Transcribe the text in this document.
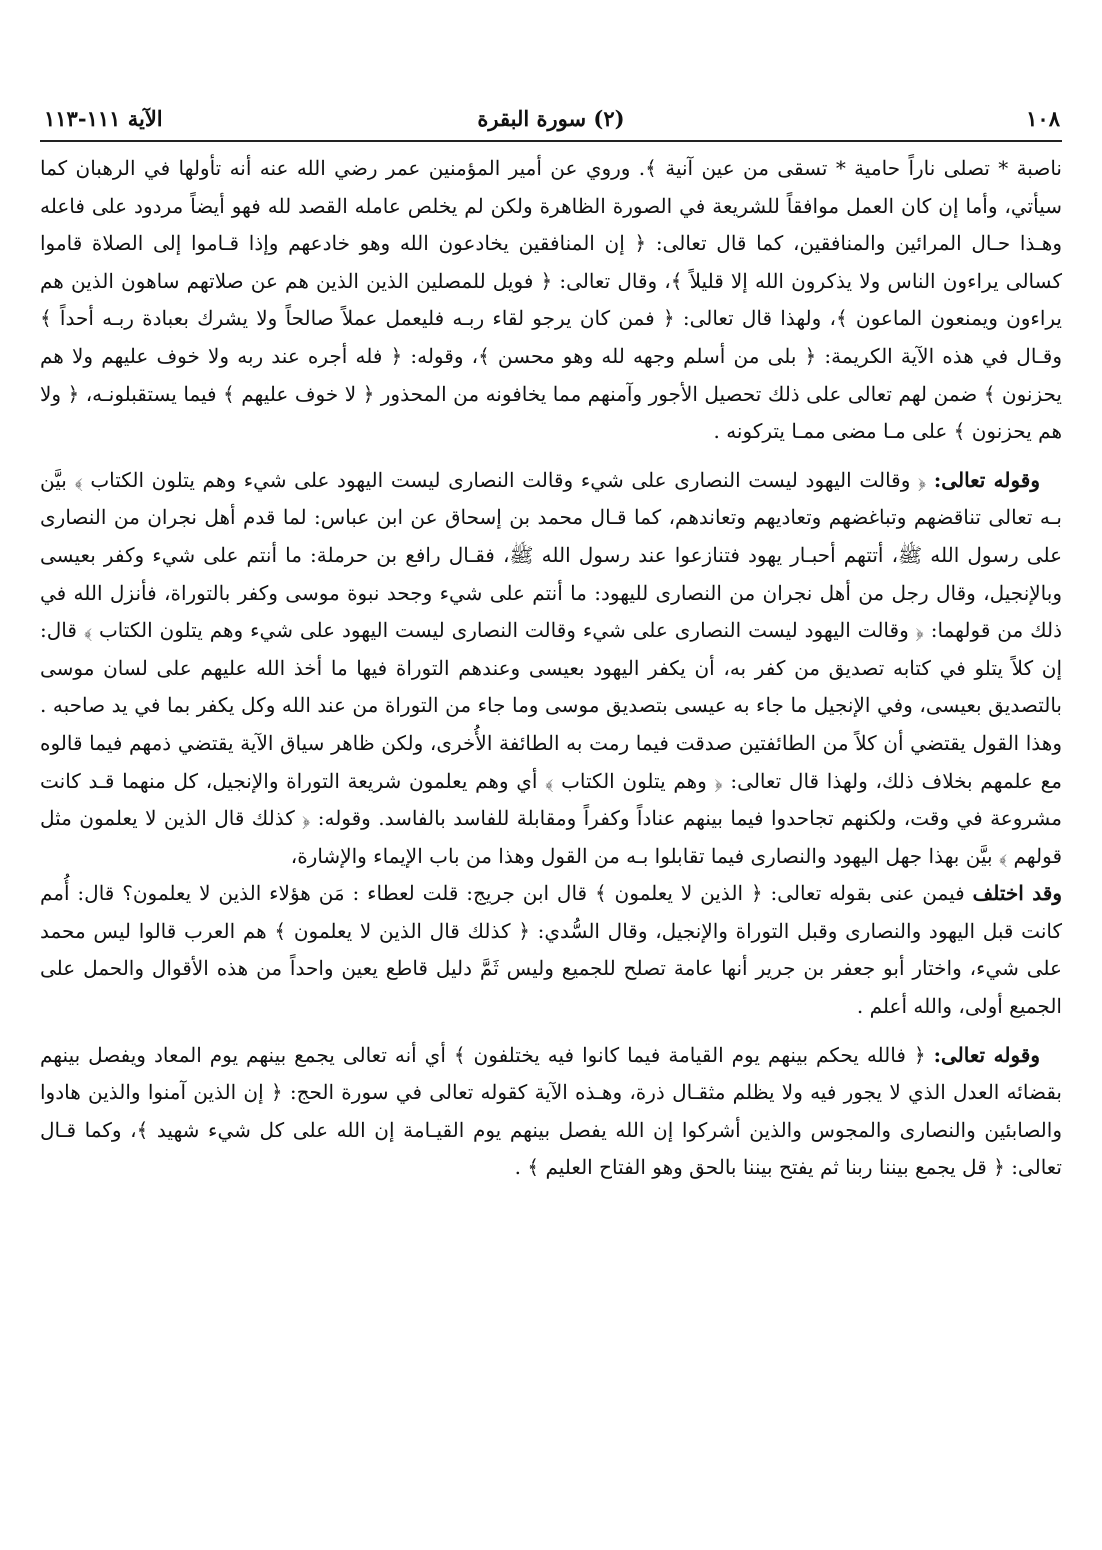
١٠٨
(٢) سورة البقرة
الآية ١١١-١١٣

ناصبة * تصلى ناراً حامية * تسقى من عين آنية ﴾. وروي عن أمير المؤمنين عمر رضي الله عنه أنه تأولها في الرهبان كما سيأتي، وأما إن كان العمل موافقاً للشريعة في الصورة الظاهرة ولكن لم يخلص عامله القصد لله فهو أيضاً مردود على فاعله وهـذا حـال المرائين والمنافقين، كما قال تعالى: ﴿ إن المنافقين يخادعون الله وهو خادعهم وإذا قـاموا إلى الصلاة قاموا كسالى يراءون الناس ولا يذكرون الله إلا قليلاً ﴾، وقال تعالى: ﴿ فويل للمصلين الذين الذين هم عن صلاتهم ساهون الذين هم يراءون ويمنعون الماعون ﴾، ولهذا قال تعالى: ﴿ فمن كان يرجو لقاء ربـه فليعمل عملاً صالحاً ولا يشرك بعبادة ربـه أحداً ﴾ وقـال في هذه الآية الكريمة: ﴿ بلى من أسلم وجهه لله وهو محسن ﴾، وقوله: ﴿ فله أجره عند ربه ولا خوف عليهم ولا هم يحزنون ﴾ ضمن لهم تعالى على ذلك تحصيل الأجور وآمنهم مما يخافونه من المحذور ﴿ لا خوف عليهم ﴾ فيما يستقبلونـه، ﴿ ولا هم يحزنون ﴾ على مـا مضى ممـا يتركونه .

وقوله تعالى: ﴿ وقالت اليهود ليست النصارى على شيء وقالت النصارى ليست اليهود على شيء وهم يتلون الكتاب ﴾ بيَّن بـه تعالى تناقضهم وتباغضهم وتعاديهم وتعاندهم، كما قـال محمد بن إسحاق عن ابن عباس: لما قدم أهل نجران من النصارى على رسول الله ﷺ، أتتهم أحبـار يهود فتنازعوا عند رسول الله ﷺ، فقـال رافع بن حرملة: ما أنتم على شيء وكفر بعيسى وبالإنجيل، وقال رجل من أهل نجران من النصارى لليهود: ما أنتم على شيء وجحد نبوة موسى وكفر بالتوراة، فأنزل الله في ذلك من قولهما: ﴿ وقالت اليهود ليست النصارى على شيء وقالت النصارى ليست اليهود على شيء وهم يتلون الكتاب ﴾ قال: إن كلاً يتلو في كتابه تصديق من كفر به، أن يكفر اليهود بعيسى وعندهم التوراة فيها ما أخذ الله عليهم على لسان موسى بالتصديق بعيسى، وفي الإنجيل ما جاء به عيسى بتصديق موسى وما جاء من التوراة من عند الله وكل يكفر بما في يد صاحبه . وهذا القول يقتضي أن كلاً من الطائفتين صدقت فيما رمت به الطائفة الأُخرى، ولكن ظاهر سياق الآية يقتضي ذمهم فيما قالوه مع علمهم بخلاف ذلك، ولهذا قال تعالى: ﴿ وهم يتلون الكتاب ﴾ أي وهم يعلمون شريعة التوراة والإنجيل، كل منهما قـد كانت مشروعة في وقت، ولكنهم تجاحدوا فيما بينهم عناداً وكفراً ومقابلة للفاسد بالفاسد. وقوله: ﴿ كذلك قال الذين لا يعلمون مثل قولهم ﴾ بيَّن بهذا جهل اليهود والنصارى فيما تقابلوا بـه من القول وهذا من باب الإيماء والإشارة،

وقد اختلف فيمن عنى بقوله تعالى: ﴿ الذين لا يعلمون ﴾ قال ابن جريج: قلت لعطاء : مَن هؤلاء الذين لا يعلمون؟ قال: أُمم كانت قبل اليهود والنصارى وقبل التوراة والإنجيل، وقال السُّدي: ﴿ كذلك قال الذين لا يعلمون ﴾ هم العرب قالوا ليس محمد على شيء، واختار أبو جعفر بن جرير أنها عامة تصلح للجميع وليس ثَمَّ دليل قاطع يعين واحداً من هذه الأقوال والحمل على الجميع أولى، والله أعلم .

وقوله تعالى: ﴿ فالله يحكم بينهم يوم القيامة فيما كانوا فيه يختلفون ﴾ أي أنه تعالى يجمع بينهم يوم المعاد ويفصل بينهم بقضائه العدل الذي لا يجور فيه ولا يظلم مثقـال ذرة، وهـذه الآية كقوله تعالى في سورة الحج: ﴿ إن الذين آمنوا والذين هادوا والصابئين والنصارى والمجوس والذين أشركوا إن الله يفصل بينهم يوم القيـامة إن الله على كل شيء شهيد ﴾، وكما قـال تعالى: ﴿ قل يجمع بيننا ربنا ثم يفتح بيننا بالحق وهو الفتاح العليم ﴾ .
